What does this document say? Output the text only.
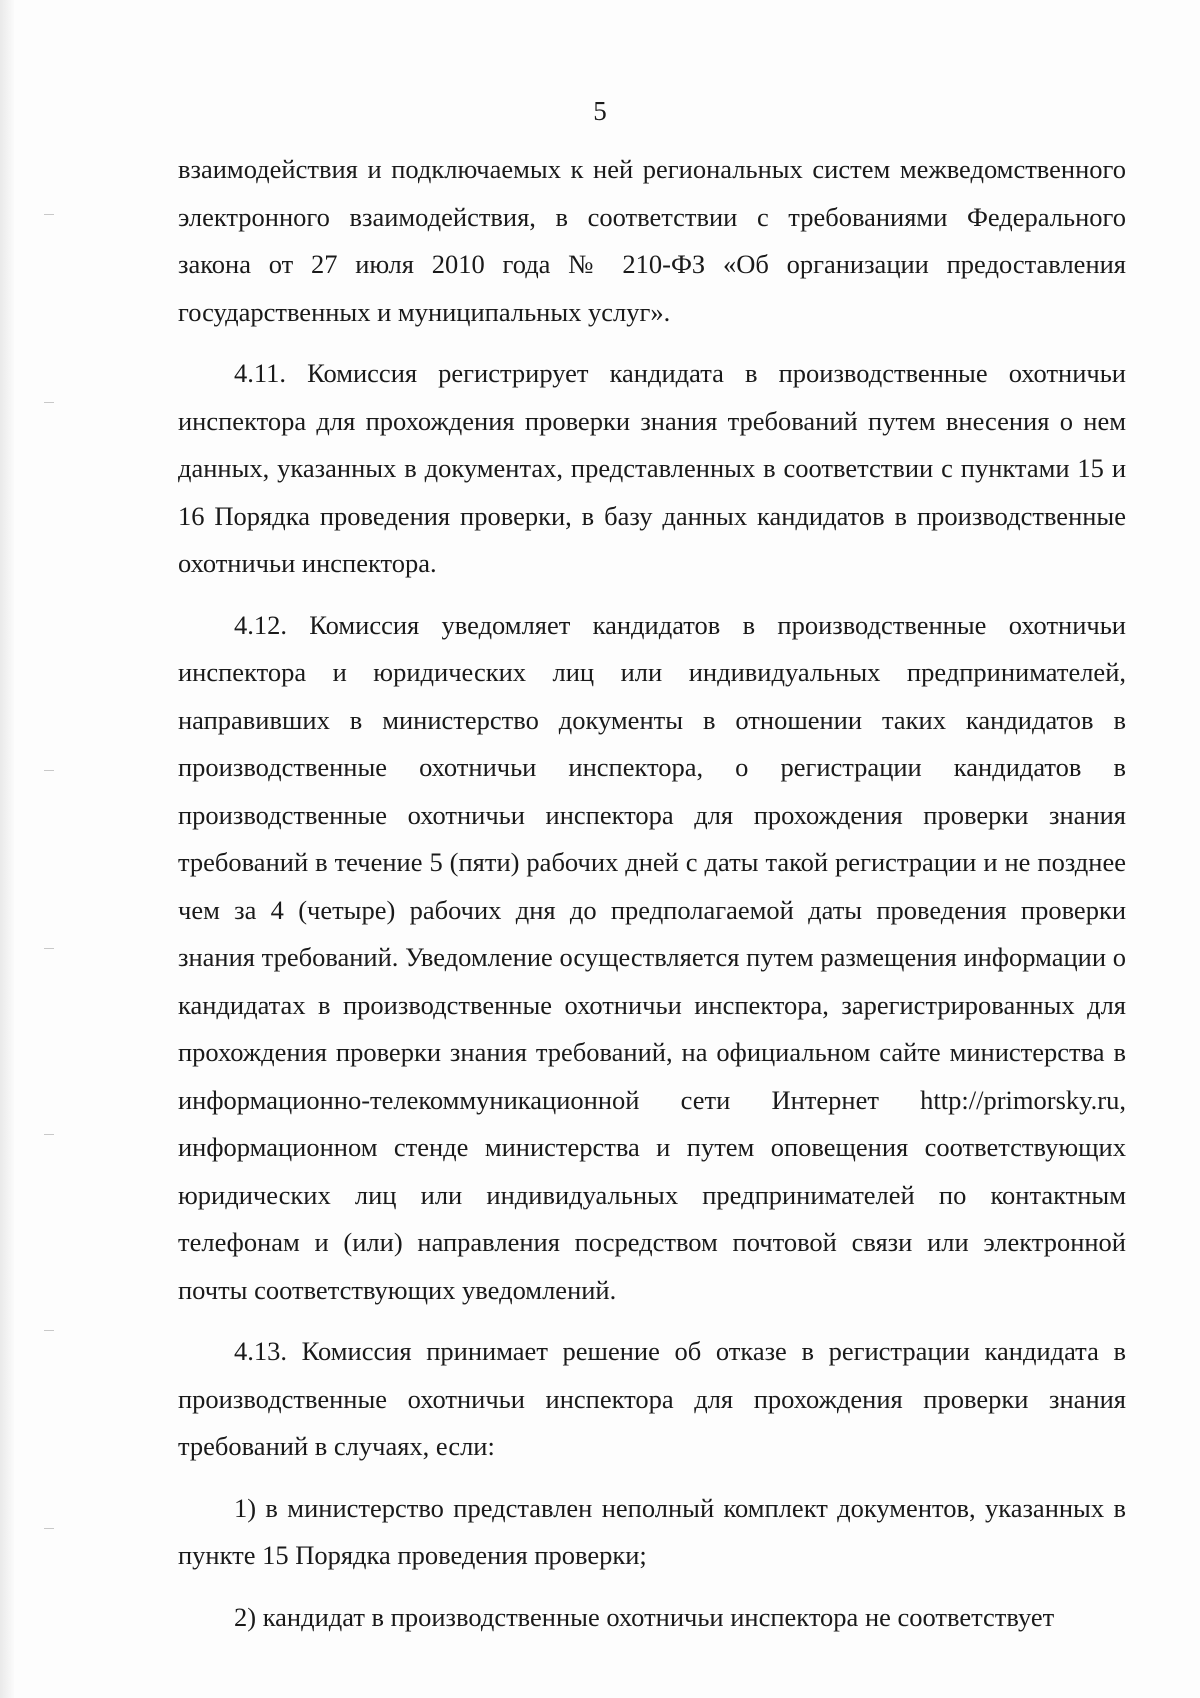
5

взаимодействия и подключаемых к ней региональных систем межведомственного электронного взаимодействия, в соответствии с требованиями Федерального закона от 27 июля 2010 года № 210-ФЗ «Об организации предоставления государственных и муниципальных услуг».

4.11. Комиссия регистрирует кандидата в производственные охотничьи инспектора для прохождения проверки знания требований путем внесения о нем данных, указанных в документах, представленных в соответствии с пунктами 15 и 16 Порядка проведения проверки, в базу данных кандидатов в производственные охотничьи инспектора.

4.12. Комиссия уведомляет кандидатов в производственные охотничьи инспектора и юридических лиц или индивидуальных предпринимателей, направивших в министерство документы в отношении таких кандидатов в производственные охотничьи инспектора, о регистрации кандидатов в производственные охотничьи инспектора для прохождения проверки знания требований в течение 5 (пяти) рабочих дней с даты такой регистрации и не позднее чем за 4 (четыре) рабочих дня до предполагаемой даты проведения проверки знания требований. Уведомление осуществляется путем размещения информации о кандидатах в производственные охотничьи инспектора, зарегистрированных для прохождения проверки знания требований, на официальном сайте министерства в информационно-телекоммуникационной сети Интернет http://primorsky.ru, информационном стенде министерства и путем оповещения соответствующих юридических лиц или индивидуальных предпринимателей по контактным телефонам и (или) направления посредством почтовой связи или электронной почты соответствующих уведомлений.

4.13. Комиссия принимает решение об отказе в регистрации кандидата в производственные охотничьи инспектора для прохождения проверки знания требований в случаях, если:

1) в министерство представлен неполный комплект документов, указанных в пункте 15 Порядка проведения проверки;

2) кандидат в производственные охотничьи инспектора не соответствует
